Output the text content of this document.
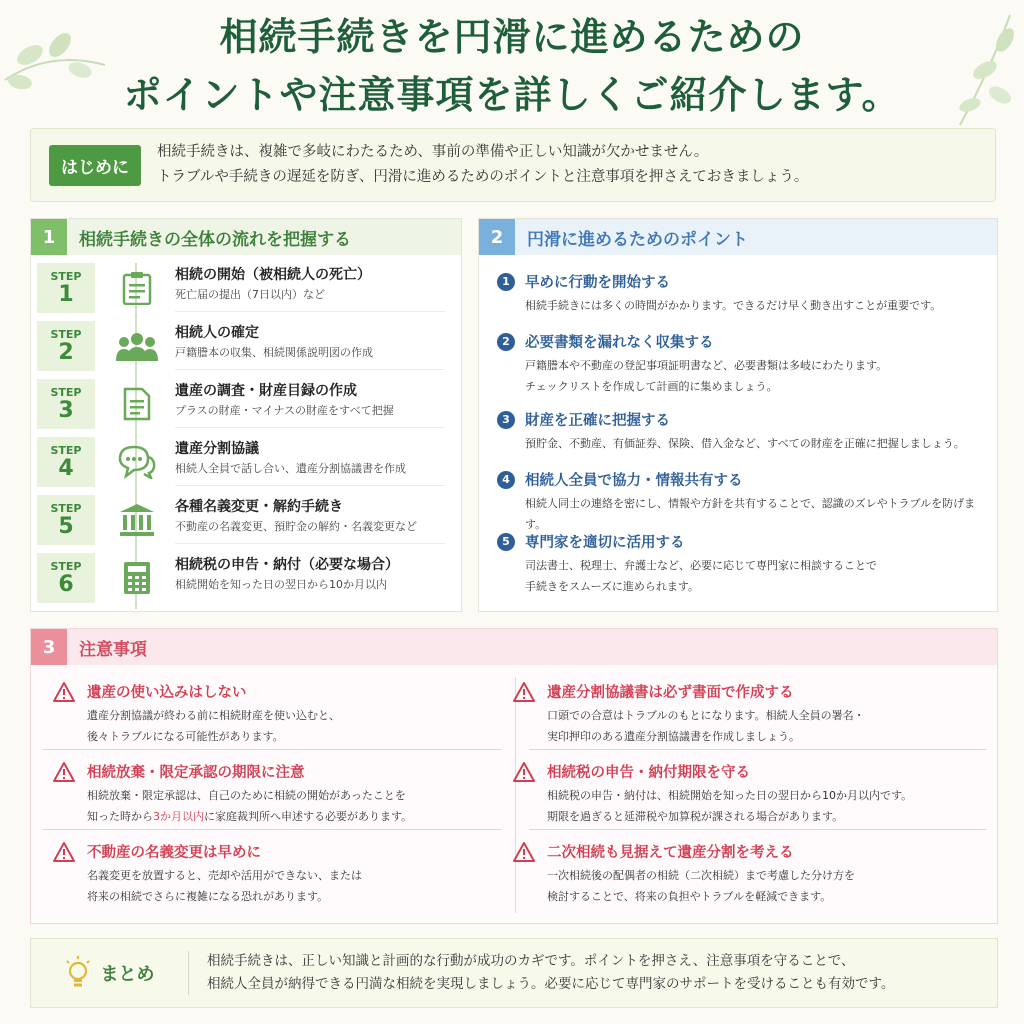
相続手続きを円滑に進めるための
ポイントや注意事項を詳しくご紹介します。
はじめに
相続手続きは、複雑で多岐にわたるため、事前の準備や正しい知識が欠かせません。
トラブルや手続きの遅延を防ぎ、円滑に進めるためのポイントと注意事項を押さえておきましょう。
1	相続手続きの全体の流れを把握する
STEP
1
相続の開始（被相続人の死亡）
死亡届の提出（7日以内）など
STEP
2
相続人の確定
戸籍謄本の収集、相続関係説明図の作成
STEP
3
遺産の調査・財産目録の作成
プラスの財産・マイナスの財産をすべて把握
STEP
4
遺産分割協議
相続人全員で話し合い、遺産分割協議書を作成
STEP
5
各種名義変更・解約手続き
不動産の名義変更、預貯金の解約・名義変更など
STEP
6
相続税の申告・納付（必要な場合）
相続開始を知った日の翌日から10か月以内
2	円滑に進めるためのポイント
1	早めに行動を開始する
相続手続きには多くの時間がかかります。できるだけ早く動き出すことが重要です。
2	必要書類を漏れなく収集する
戸籍謄本や不動産の登記事項証明書など、必要書類は多岐にわたります。
チェックリストを作成して計画的に集めましょう。
3	財産を正確に把握する
預貯金、不動産、有価証券、保険、借入金など、すべての財産を正確に把握しましょう。
4	相続人全員で協力・情報共有する
相続人同士の連絡を密にし、情報や方針を共有することで、認識のズレやトラブルを防げます。
5	専門家を適切に活用する
司法書士、税理士、弁護士など、必要に応じて専門家に相談することで
手続きをスムーズに進められます。
3	注意事項
遺産の使い込みはしない
遺産分割協議が終わる前に相続財産を使い込むと、
後々トラブルになる可能性があります。
相続放棄・限定承認の期限に注意
相続放棄・限定承認は、自己のために相続の開始があったことを
知った時から3か月以内に家庭裁判所へ申述する必要があります。
不動産の名義変更は早めに
名義変更を放置すると、売却や活用ができない、または
将来の相続でさらに複雑になる恐れがあります。
遺産分割協議書は必ず書面で作成する
口頭での合意はトラブルのもとになります。相続人全員の署名・
実印押印のある遺産分割協議書を作成しましょう。
相続税の申告・納付期限を守る
相続税の申告・納付は、相続開始を知った日の翌日から10か月以内です。
期限を過ぎると延滞税や加算税が課される場合があります。
二次相続も見据えて遺産分割を考える
一次相続後の配偶者の相続（二次相続）まで考慮した分け方を
検討することで、将来の負担やトラブルを軽減できます。
まとめ
相続手続きは、正しい知識と計画的な行動が成功のカギです。ポイントを押さえ、注意事項を守ることで、
相続人全員が納得できる円満な相続を実現しましょう。必要に応じて専門家のサポートを受けることも有効です。
